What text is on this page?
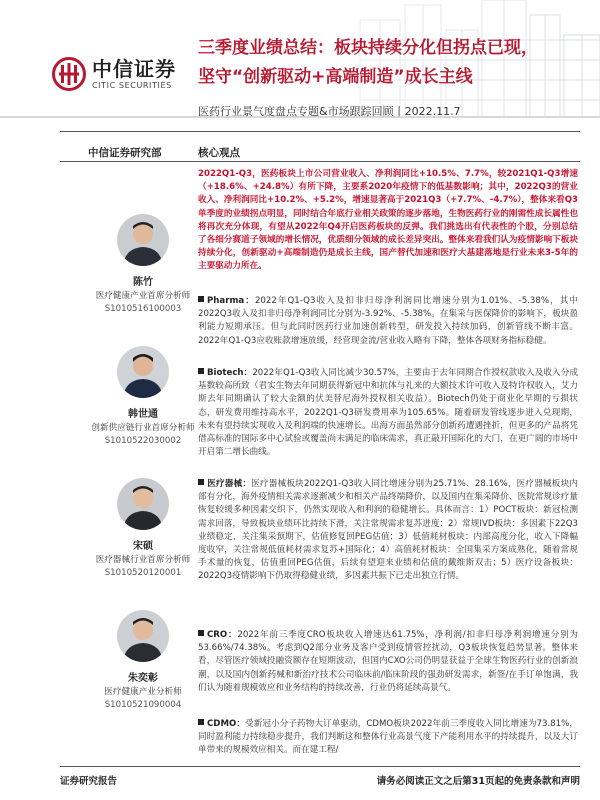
中信证券
CITIC SECURITIES
三季度业绩总结：板块持续分化但拐点已现，
坚守“创新驱动+高端制造”成长主线
医药行业景气度盘点专题&市场跟踪回顾丨2022.11.7
中信证券研究部	核心观点
陈竹
医疗健康产业首席分析师
S1010516100003
韩世通
创新供应链行业首席分析师
S1010522030002
宋硕
医疗器械行业首席分析师
S1010520120001
朱奕彰
医疗健康产业分析师
S1010521090004
2022Q1-Q3，医药板块上市公司营业收入、净利润同比+10.5%、7.7%，较2021Q1-Q3增速（+18.6%、+24.8%）有所下降，主要系2020年疫情下的低基数影响；其中，2022Q3的营业收入、净利润同比+10.2%、+5.2%，增速显著高于2021Q3（+7.7%、-4.7%），整体来看Q3单季度的业绩拐点明显，同时结合年底行业相关政策的逐步落地，生物医药行业的刚需性成长属性也将再次充分体现，有望从2022年Q4开启医药板块的反弹。我们挑选出有代表性的个股，分别总结了各细分赛道子领域的增长情况，优质细分领域的成长差异突出。整体来看我们认为疫情影响下板块持续分化，创新驱动+高端制造仍是成长主线，国产替代加速和医疗大基建落地是行业未来3-5年的主要驱动力所在。
Pharma：2022年Q1-Q3收入及扣非归母净利润同比增速分别为1.01%、-5.38%，其中2022Q3收入及扣非归母净利润同比分别为-3.92%、-5.38%。在集采与医保降价的影响下，板块盈利能力短期承压。但与此同时医药行业加速创新转型，研发投入持续加码，创新管线不断丰富。2022年Q1-Q3应收账款增速放缓，经营现金流/营业收入略有下降，整体各项财务指标稳健。
Biotech：2022年Q1-Q3收入同比减少30.57%，主要由于去年同期合作授权款收入及收入分成基数较高所致（君实生物去年同期获得新冠中和抗体与礼来的大额技术许可收入及特许权收入，艾力斯去年同期确认了较大金额的伏美替尼海外授权相关收益）。Biotech仍处于商业化早期的亏损状态，研发费用维持高水平，2022Q1-Q3研发费用率为105.65%。随着研发管线逐步进入兑现期，未来有望持续实现收入及利润端的快速增长。出海方面虽然部分创新药遭遇挫折，但更多的产品将凭借高标准的国际多中心试验或覆盖尚未满足的临床需求，真正敲开国际化的大门，在更广阔的市场中开启第二增长曲线。
医疗器械：医疗器械板块2022Q1-Q3收入同比增速分别为25.71%、28.16%，医疗器械板块内部有分化，海外疫情相关需求逐渐减少和相关产品终端降价，以及国内在集采降价、医院常规诊疗量恢复较缓多种因素交织下，仍然实现收入和利润的稳健增长。具体而言：1）POCT板块：新冠检测需求回落，导致板块业绩环比持续下滑，关注常规需求复苏进度；2）常规IVD板块：多因素下22Q3业绩稳定，关注集采预期下，估值修复回PEG估值；3）低值耗材板块：内部高度分化，收入下降幅度收窄，关注常规低值耗材需求复苏+国际化；4）高值耗材板块：全国集采方案成熟化，随着常规手术量的恢复，估值重回PEG估值，后续有望迎来业绩和估值的戴维斯双击；5）医疗设备板块：2022Q3疫情影响下仍取得稳健业绩，多因素共振下已走出独立行情。
CRO：2022年前三季度CRO板块收入增速达61.75%，净利润/扣非归母净利润增速分别为53.66%/74.38%。考虑到Q2部分业务及客户受到疫情管控扰动，Q3板块恢复趋势显著。整体来看，尽管医疗领域投融资额存在短期波动，但国内CXO公司仍明显获益于全球生物医药行业的创新浪潮，以及国内创新药械和新治疗技术公司临床前/临床阶段的强劲研发需求，新签/在手订单饱满，我们认为随着规模效应和业务结构的持续改善，行业仍将延续高景气。
CDMO：受新冠小分子药物大订单驱动，CDMO板块2022年前三季度收入同比增速为73.81%，同时盈利能力持续稳步提升，我们判断这和整体行业高景气度下产能利用水平的持续提升，以及大订单带来的规模效应相关。而在建工程/
证券研究报告	请务必阅读正文之后第31页起的免责条款和声明
